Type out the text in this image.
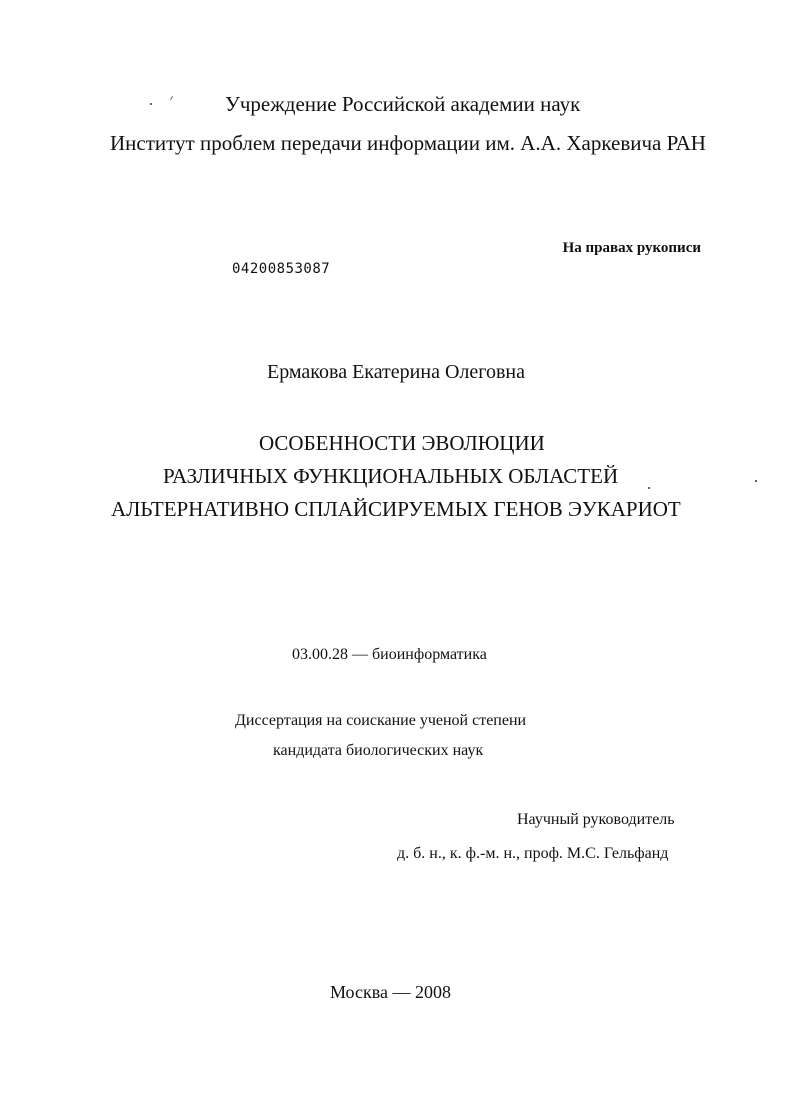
Учреждение Российской академии наук
Институт проблем передачи информации им. А.А. Харкевича РАН
На правах рукописи
04200853087
Ермакова Екатерина Олеговна
ОСОБЕННОСТИ ЭВОЛЮЦИИ
РАЗЛИЧНЫХ ФУНКЦИОНАЛЬНЫХ ОБЛАСТЕЙ
АЛЬТЕРНАТИВНО СПЛАЙСИРУЕМЫХ ГЕНОВ ЭУКАРИОТ
03.00.28 — биоинформатика
Диссертация на соискание ученой степени
кандидата биологических наук
Научный руководитель
д. б. н., к. ф.-м. н., проф. М.С. Гельфанд
Москва — 2008
